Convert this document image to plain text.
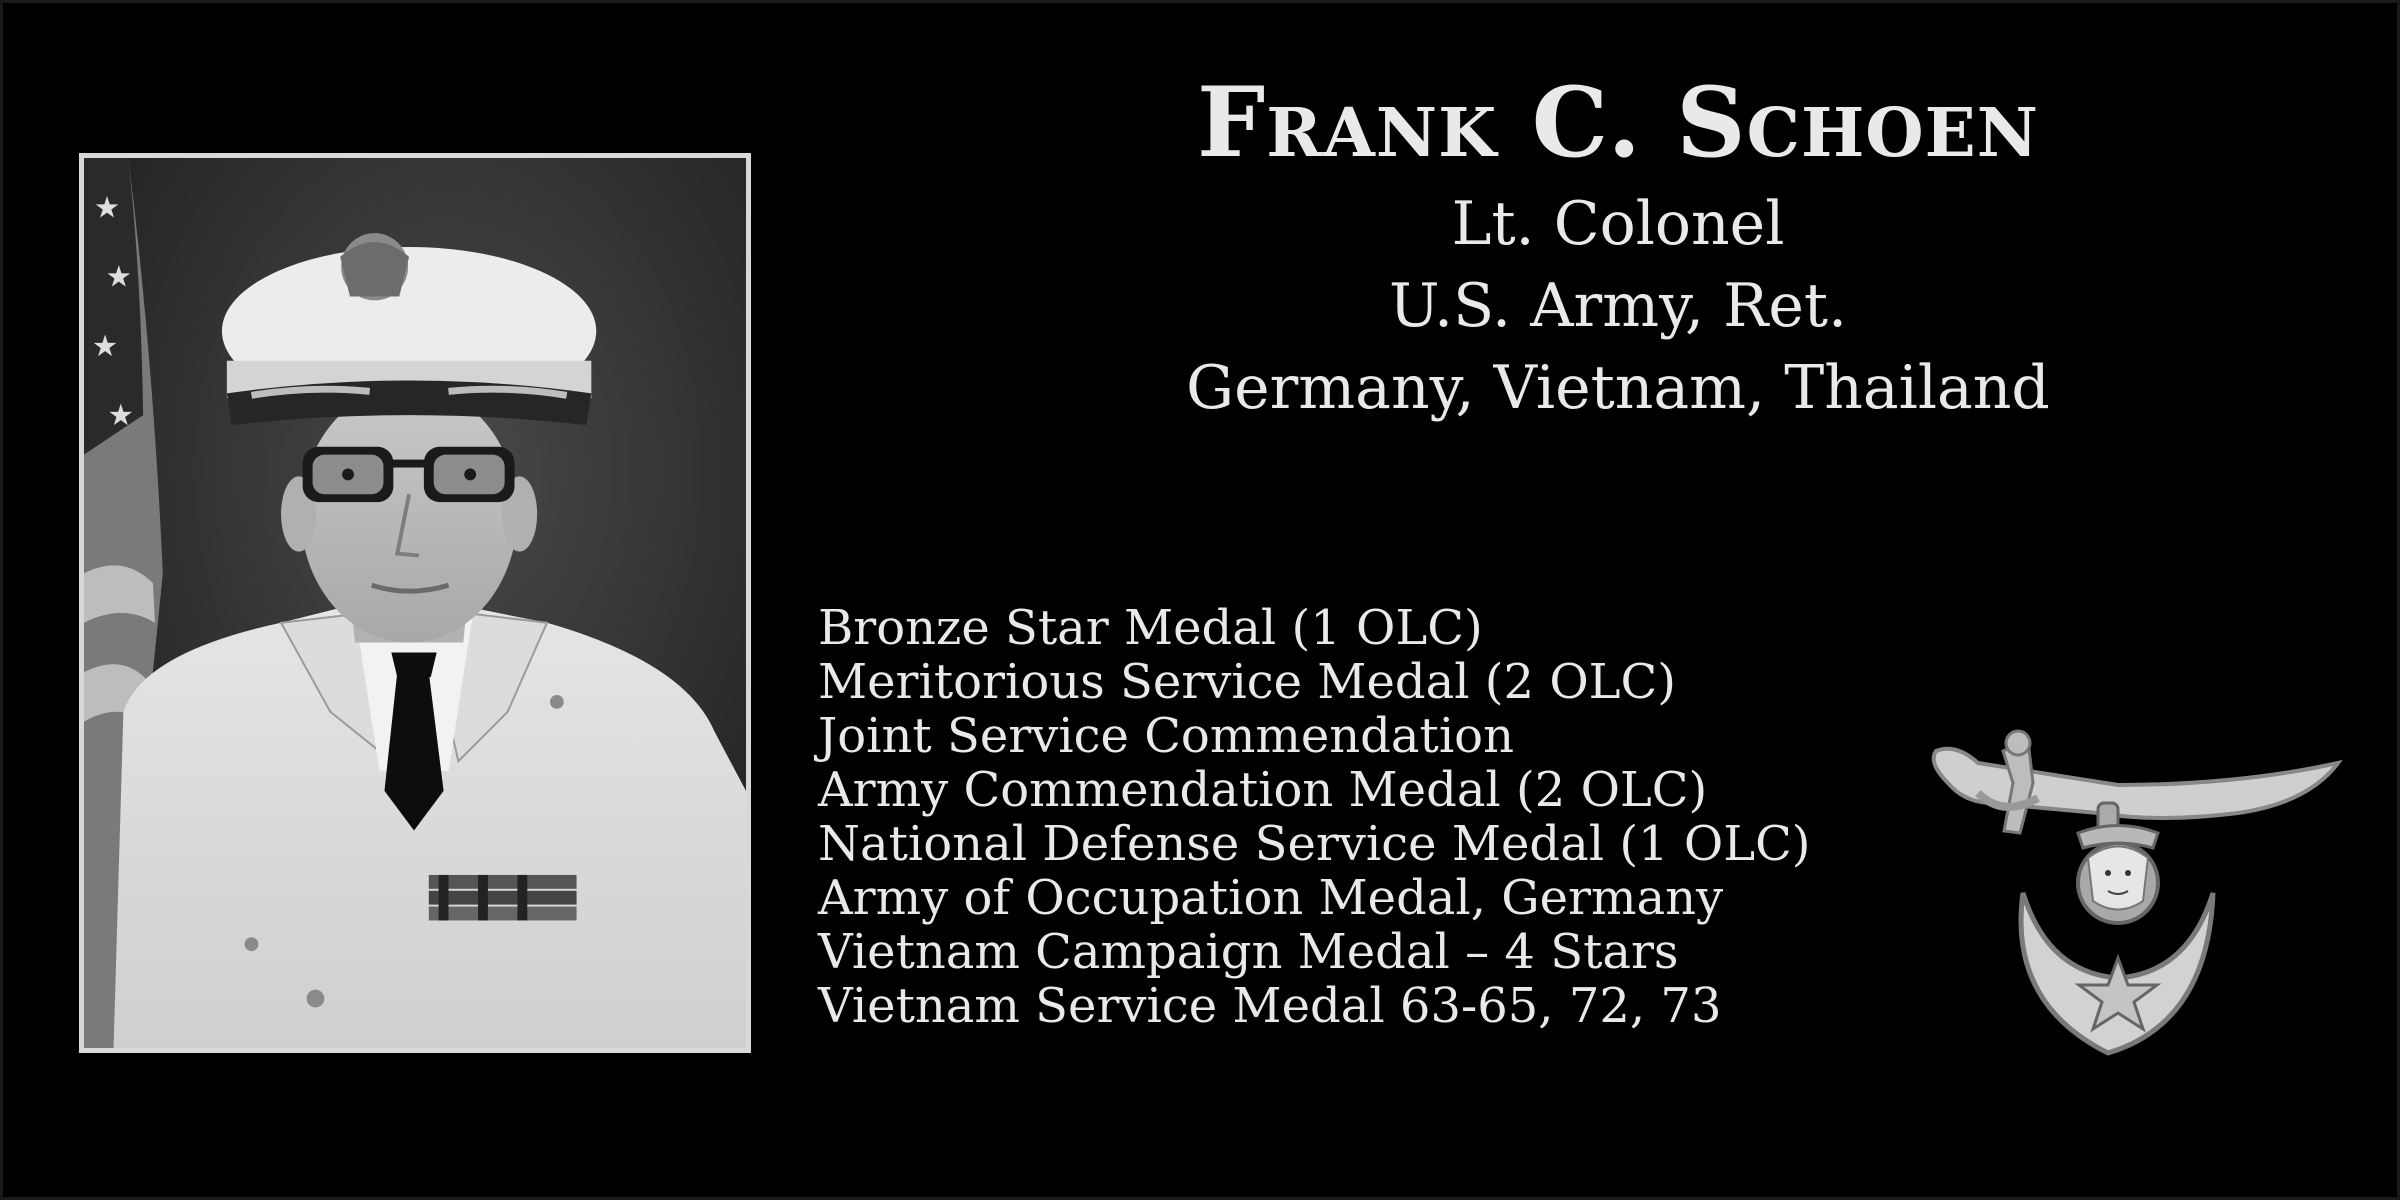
★
★
★
★
Frank C. Schoen
Lt. Colonel
U.S. Army, Ret.
Germany, Vietnam, Thailand
Bronze Star Medal (1 OLC)
Meritorious Service Medal (2 OLC)
Joint Service Commendation
Army Commendation Medal (2 OLC)
National Defense Service Medal (1 OLC)
Army of Occupation Medal, Germany
Vietnam Campaign Medal – 4 Stars
Vietnam Service Medal 63-65, 72, 73
